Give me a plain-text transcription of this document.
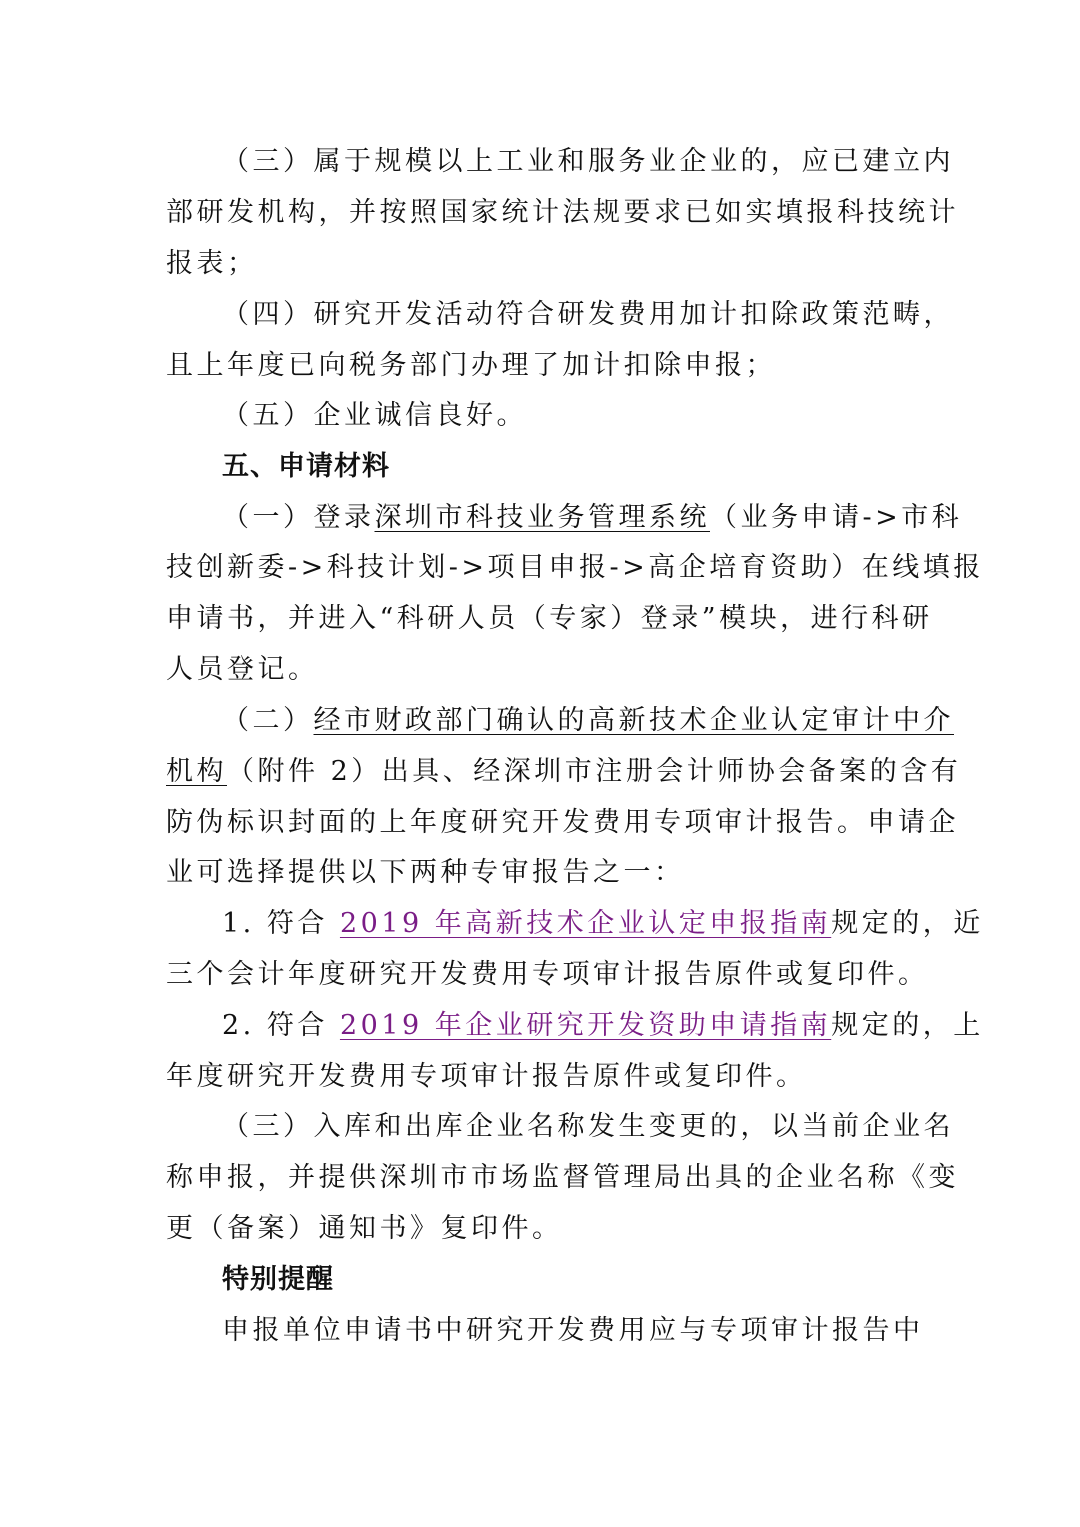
（三）属于规模以上工业和服务业企业的，应已建立内
部研发机构，并按照国家统计法规要求已如实填报科技统计
报表；
（四）研究开发活动符合研发费用加计扣除政策范畴，
且上年度已向税务部门办理了加计扣除申报；
（五）企业诚信良好。
五、申请材料
（一）登录深圳市科技业务管理系统（业务申请->市科
技创新委->科技计划->项目申报->高企培育资助）在线填报
申请书，并进入“科研人员（专家）登录”模块，进行科研
人员登记。
（二）经市财政部门确认的高新技术企业认定审计中介
机构（附件 2）出具、经深圳市注册会计师协会备案的含有
防伪标识封面的上年度研究开发费用专项审计报告。申请企
业可选择提供以下两种专审报告之一：
1. 符合 2019 年高新技术企业认定申报指南规定的，近
三个会计年度研究开发费用专项审计报告原件或复印件。
2. 符合 2019 年企业研究开发资助申请指南规定的，上
年度研究开发费用专项审计报告原件或复印件。
（三）入库和出库企业名称发生变更的，以当前企业名
称申报，并提供深圳市市场监督管理局出具的企业名称《变
更（备案）通知书》复印件。
特别提醒
申报单位申请书中研究开发费用应与专项审计报告中
